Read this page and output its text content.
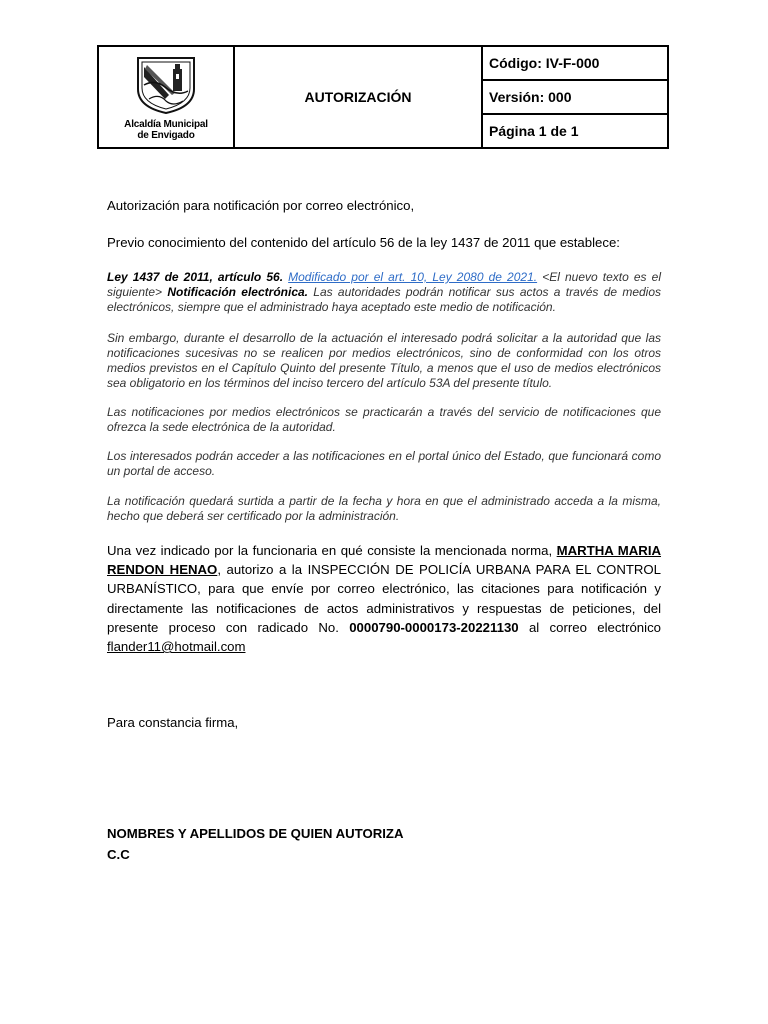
Alcaldía Municipal
de Envigado
AUTORIZACIÓN
Código: IV-F-000
Versión: 000
Página 1 de 1
Autorización para notificación por correo electrónico,
Previo conocimiento del contenido del artículo 56 de la ley 1437 de 2011 que establece:
Ley 1437 de 2011, artículo 56. Modificado por el art. 10, Ley 2080 de 2021. <El nuevo texto es el siguiente> Notificación electrónica. Las autoridades podrán notificar sus actos a través de medios electrónicos, siempre que el administrado haya aceptado este medio de notificación.
Sin embargo, durante el desarrollo de la actuación el interesado podrá solicitar a la autoridad que las notificaciones sucesivas no se realicen por medios electrónicos, sino de conformidad con los otros medios previstos en el Capítulo Quinto del presente Título, a menos que el uso de medios electrónicos sea obligatorio en los términos del inciso tercero del artículo 53A del presente título.
Las notificaciones por medios electrónicos se practicarán a través del servicio de notificaciones que ofrezca la sede electrónica de la autoridad.
Los interesados podrán acceder a las notificaciones en el portal único del Estado, que funcionará como un portal de acceso.
La notificación quedará surtida a partir de la fecha y hora en que el administrado acceda a la misma, hecho que deberá ser certificado por la administración.
Una vez indicado por la funcionaria en qué consiste la mencionada norma, MARTHA MARIA RENDON HENAO, autorizo a la INSPECCIÓN DE POLICÍA URBANA PARA EL CONTROL URBANÍSTICO, para que envíe por correo electrónico, las citaciones para notificación y directamente las notificaciones de actos administrativos y respuestas de peticiones, del presente proceso con radicado No. 0000790-0000173-20221130 al correo electrónico flander11@hotmail.com
Para constancia firma,
NOMBRES Y APELLIDOS DE QUIEN AUTORIZA
C.C
